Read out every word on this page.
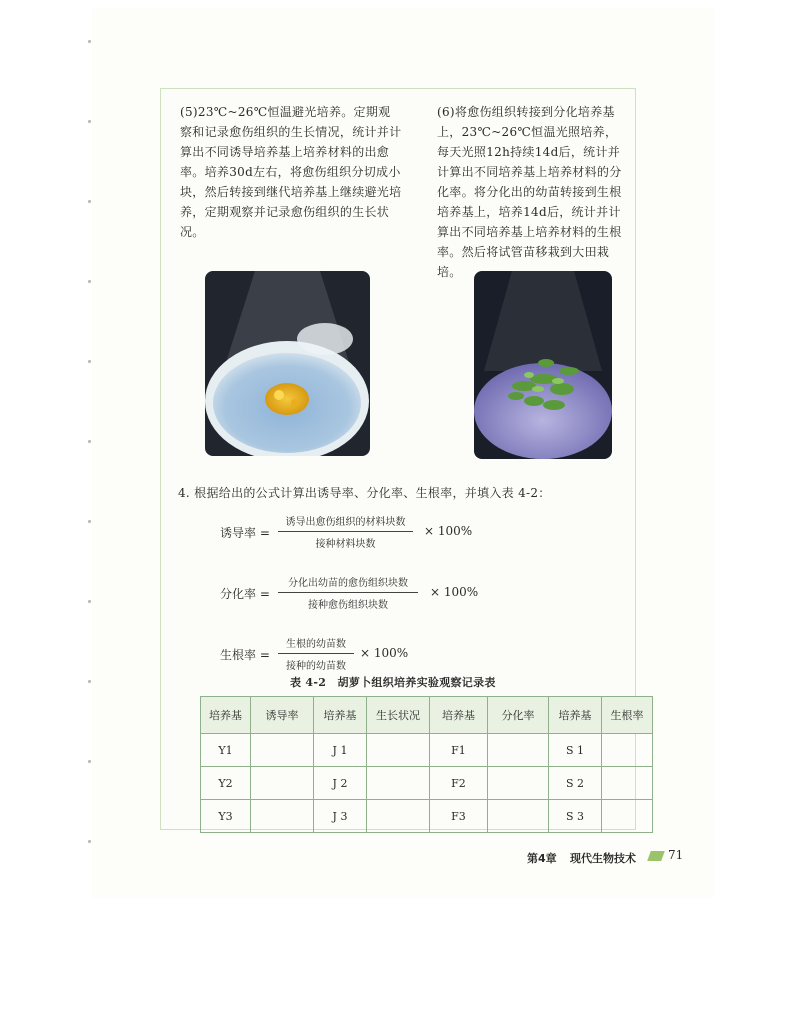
(5)23℃~26℃恒温避光培养。定期观察和记录愈伤组织的生长情况，统计并计算出不同诱导培养基上培养材料的出愈率。培养30d左右，将愈伤组织分切成小块，然后转接到继代培养基上继续避光培养，定期观察并记录愈伤组织的生长状况。
(6)将愈伤组织转接到分化培养基上，23℃~26℃恒温光照培养，每天光照12h持续14d后，统计并计算出不同培养基上培养材料的分化率。将分化出的幼苗转接到生根培养基上，培养14d后，统计并计算出不同培养基上培养材料的生根率。然后将试管苗移栽到大田栽培。
4. 根据给出的公式计算出诱导率、分化率、生根率，并填入表 4-2：
诱导率 =
诱导出愈伤组织的材料块数
接种材料块数
× 100%
分化率 =
分化出幼苗的愈伤组织块数
接种愈伤组织块数
× 100%
生根率 =
生根的幼苗数
接种的幼苗数
× 100%
表 4-2　胡萝卜组织培养实验观察记录表
培养基	诱导率	培养基	生长状况	培养基	分化率	培养基	生根率
Y1		J 1		F1		S 1	
Y2		J 2		F2		S 2	
Y3		J 3		F3		S 3	
第4章 现代生物技术	71
